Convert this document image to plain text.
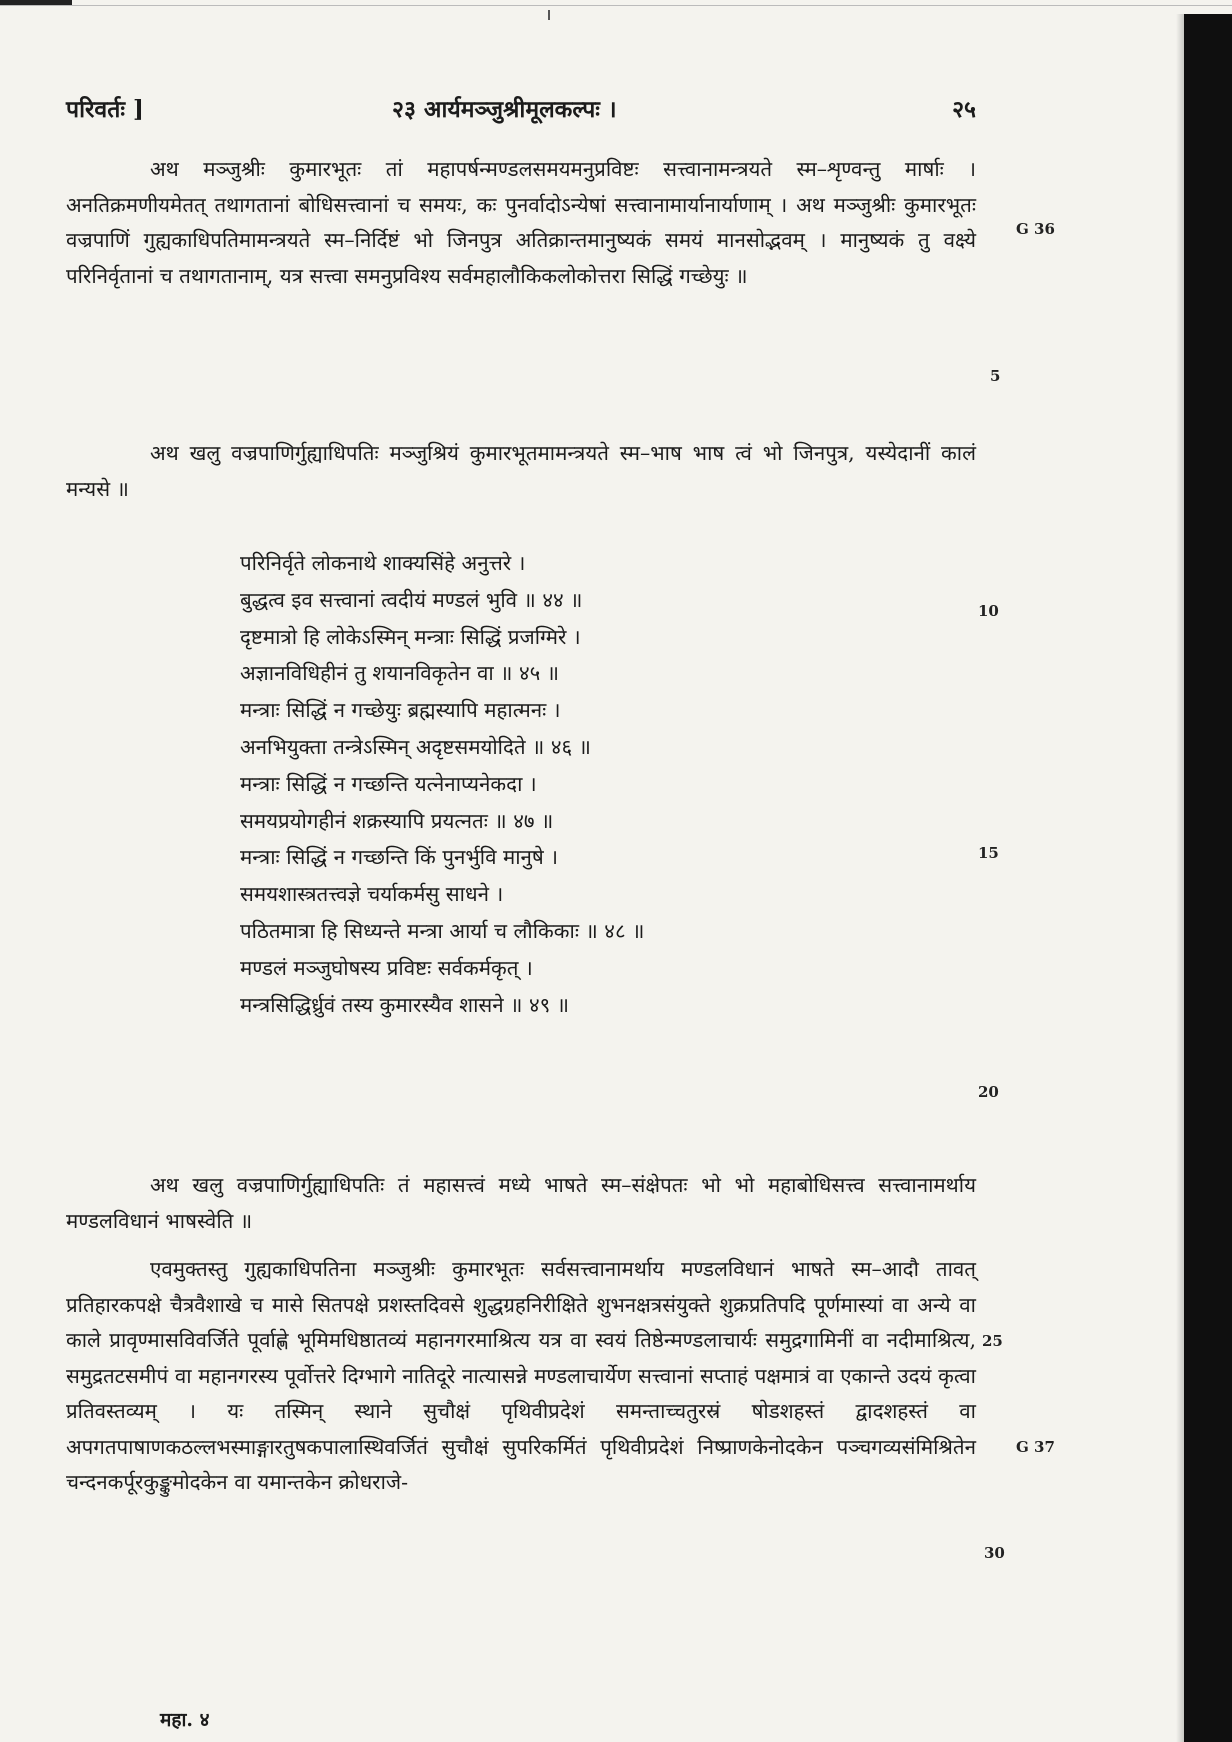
परिवर्तः ]	२३ आर्यमञ्जुश्रीमूलकल्पः ।	२५

अथ मञ्जुश्रीः कुमारभूतः तां महापर्षन्मण्डलसमयमनुप्रविष्टः सत्त्वानामन्त्रयते स्म–शृण्वन्तु मार्षाः । अनतिक्रमणीयमेतत् तथागतानां बोधिसत्त्वानां च समयः, कः पुनर्वादोऽन्येषां सत्त्वानामार्यानार्याणाम् । अथ मञ्जुश्रीः कुमारभूतः वज्रपाणिं गुह्यकाधिपतिमामन्त्रयते स्म–निर्दिष्टं भो जिनपुत्र अतिक्रान्तमानुष्यकं समयं मानसोद्भवम् । मानुष्यकं तु वक्ष्ये परिनिर्वृतानां च तथागतानाम्, यत्र सत्त्वा समनुप्रविश्य सर्वमहालौकिकलोकोत्तरा सिद्धिं गच्छेयुः ॥

अथ खलु वज्रपाणिर्गुह्याधिपतिः मञ्जुश्रियं कुमारभूतमामन्त्रयते स्म–भाष भाष त्वं भो जिनपुत्र, यस्येदानीं कालं मन्यसे ॥

परिनिर्वृते लोकनाथे शाक्यसिंहे अनुत्तरे ।
बुद्धत्व इव सत्त्वानां त्वदीयं मण्डलं भुवि ॥ ४४ ॥
दृष्टमात्रो हि लोकेऽस्मिन् मन्त्राः सिद्धिं प्रजग्मिरे ।
अज्ञानविधिहीनं तु शयानविकृतेन वा ॥ ४५ ॥
मन्त्राः सिद्धिं न गच्छेयुः ब्रह्मस्यापि महात्मनः ।
अनभियुक्ता तन्त्रेऽस्मिन् अदृष्टसमयोदिते ॥ ४६ ॥
मन्त्राः सिद्धिं न गच्छन्ति यत्नेनाप्यनेकदा ।
समयप्रयोगहीनं शक्रस्यापि प्रयत्नतः ॥ ४७ ॥
मन्त्राः सिद्धिं न गच्छन्ति किं पुनर्भुवि मानुषे ।
समयशास्त्रतत्त्वज्ञे चर्याकर्मसु साधने ।
पठितमात्रा हि सिध्यन्ते मन्त्रा आर्या च लौकिकाः ॥ ४८ ॥
मण्डलं मञ्जुघोषस्य प्रविष्टः सर्वकर्मकृत् ।
मन्त्रसिद्धिर्ध्रुवं तस्य कुमारस्यैव शासने ॥ ४९ ॥

अथ खलु वज्रपाणिर्गुह्याधिपतिः तं महासत्त्वं मध्ये भाषते स्म–संक्षेपतः भो भो महाबोधिसत्त्व सत्त्वानामर्थाय मण्डलविधानं भाषस्वेति ॥

एवमुक्तस्तु गुह्यकाधिपतिना मञ्जुश्रीः कुमारभूतः सर्वसत्त्वानामर्थाय मण्डलविधानं भाषते स्म–आदौ तावत् प्रतिहारकपक्षे चैत्रवैशाखे च मासे सितपक्षे प्रशस्तदिवसे शुद्धग्रहनिरीक्षिते शुभनक्षत्रसंयुक्ते शुक्रप्रतिपदि पूर्णमास्यां वा अन्ये वा काले प्रावृण्मासविवर्जिते पूर्वाह्णे भूमिमधिष्ठातव्यं महानगरमाश्रित्य यत्र वा स्वयं तिष्ठेन्मण्डलाचार्यः समुद्रगामिनीं वा नदीमाश्रित्य, समुद्रतटसमीपं वा महानगरस्य पूर्वोत्तरे दिग्भागे नातिदूरे नात्यासन्ने मण्डलाचार्येण सत्त्वानां सप्ताहं पक्षमात्रं वा एकान्ते उदयं कृत्वा प्रतिवस्तव्यम् । यः तस्मिन् स्थाने सुचौक्षं पृथिवीप्रदेशं समन्ताच्चतुरस्रं षोडशहस्तं द्वादशहस्तं वा अपगतपाषाणकठल्लभस्माङ्गारतुषकपालास्थिवर्जितं सुचौक्षं सुपरिकर्मितं पृथिवीप्रदेशं निष्प्राणकेनोदकेन पञ्चगव्यसंमिश्रितेन चन्दनकर्पूरकुङ्कुमोदकेन वा यमान्तकेन क्रोधराजे-

G 36
5
10
15
20
25
G 37
30
महा. ४
